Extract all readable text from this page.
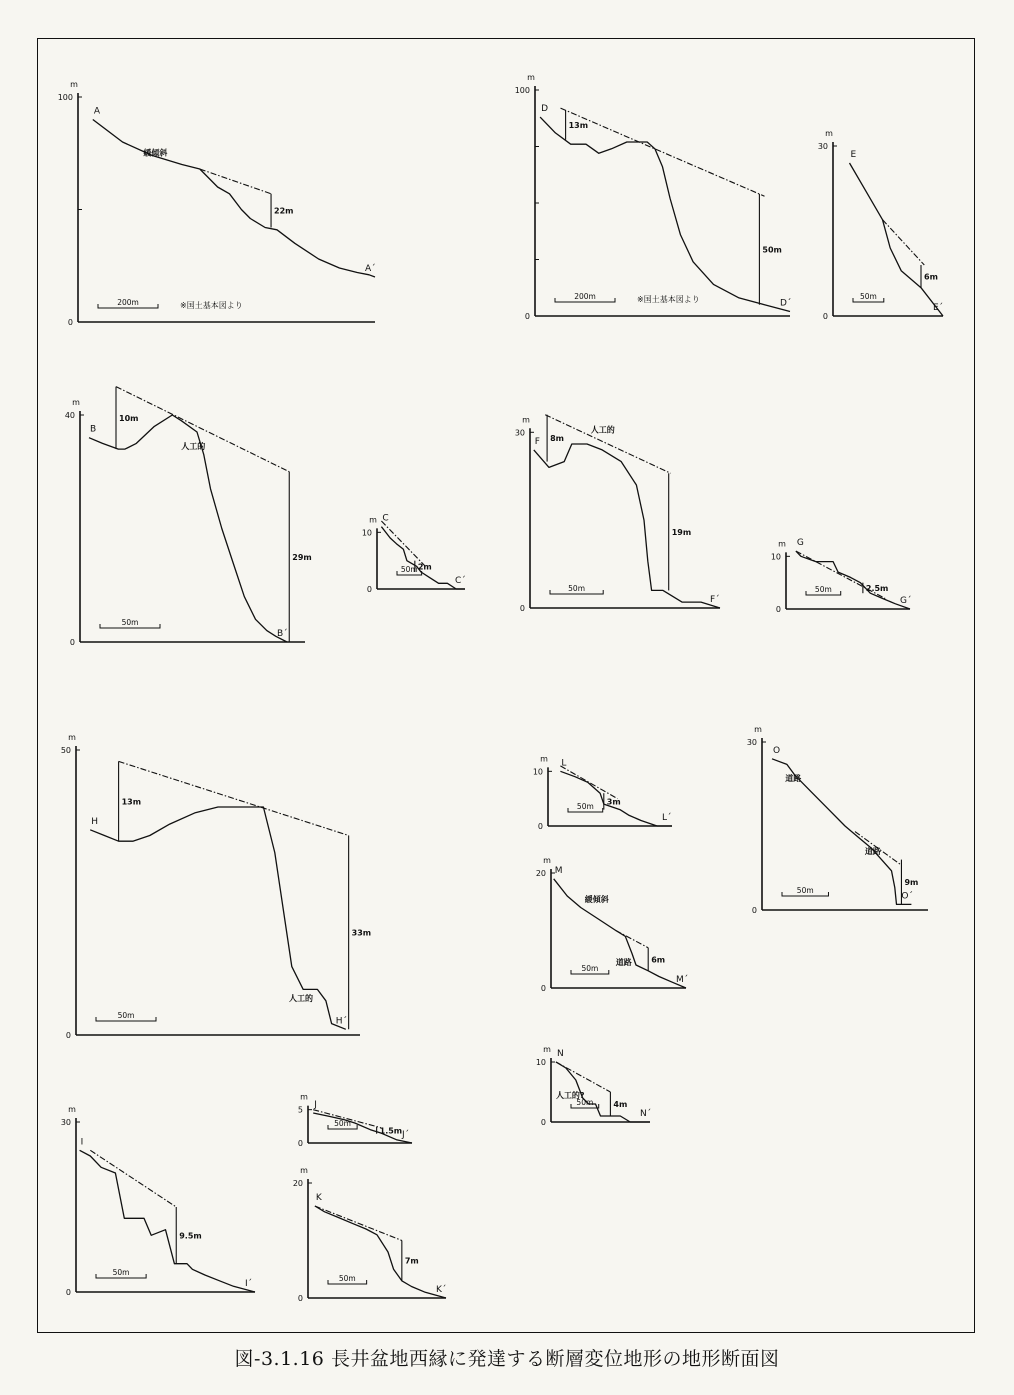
m
0
100
22m
A
A´
200m	※国土基本図より
緩傾斜
m
0
100
13m
50m
D
D´
200m	※国土基本図より
m
0
30
6m
E
E´
50m
m
0
40	10m
29m
B
B´
50m
人工的
m
0
10
2m
C
C´
50m
m
0
30
8m
19m
F
F´
50m
人工的
m
0
10
2.5m
G
G´
50m
m
0
50
13m
33m
H
H´
50m
人工的
m
0
10
3m
L
L´
50m
m
0
20
6m
M
M´
50m
緩傾斜
道路
m
0
10
4m
N
N´
50m
人工的?
m
0
30
9m
O
O´
50m
道路
道路
m
0
30
9.5m
I
I´
50m
m
0
5
1.5m
J
J´
50m
m
0
20
7m
K
K´
50m
図-3.1.16 長井盆地西縁に発達する断層変位地形の地形断面図
